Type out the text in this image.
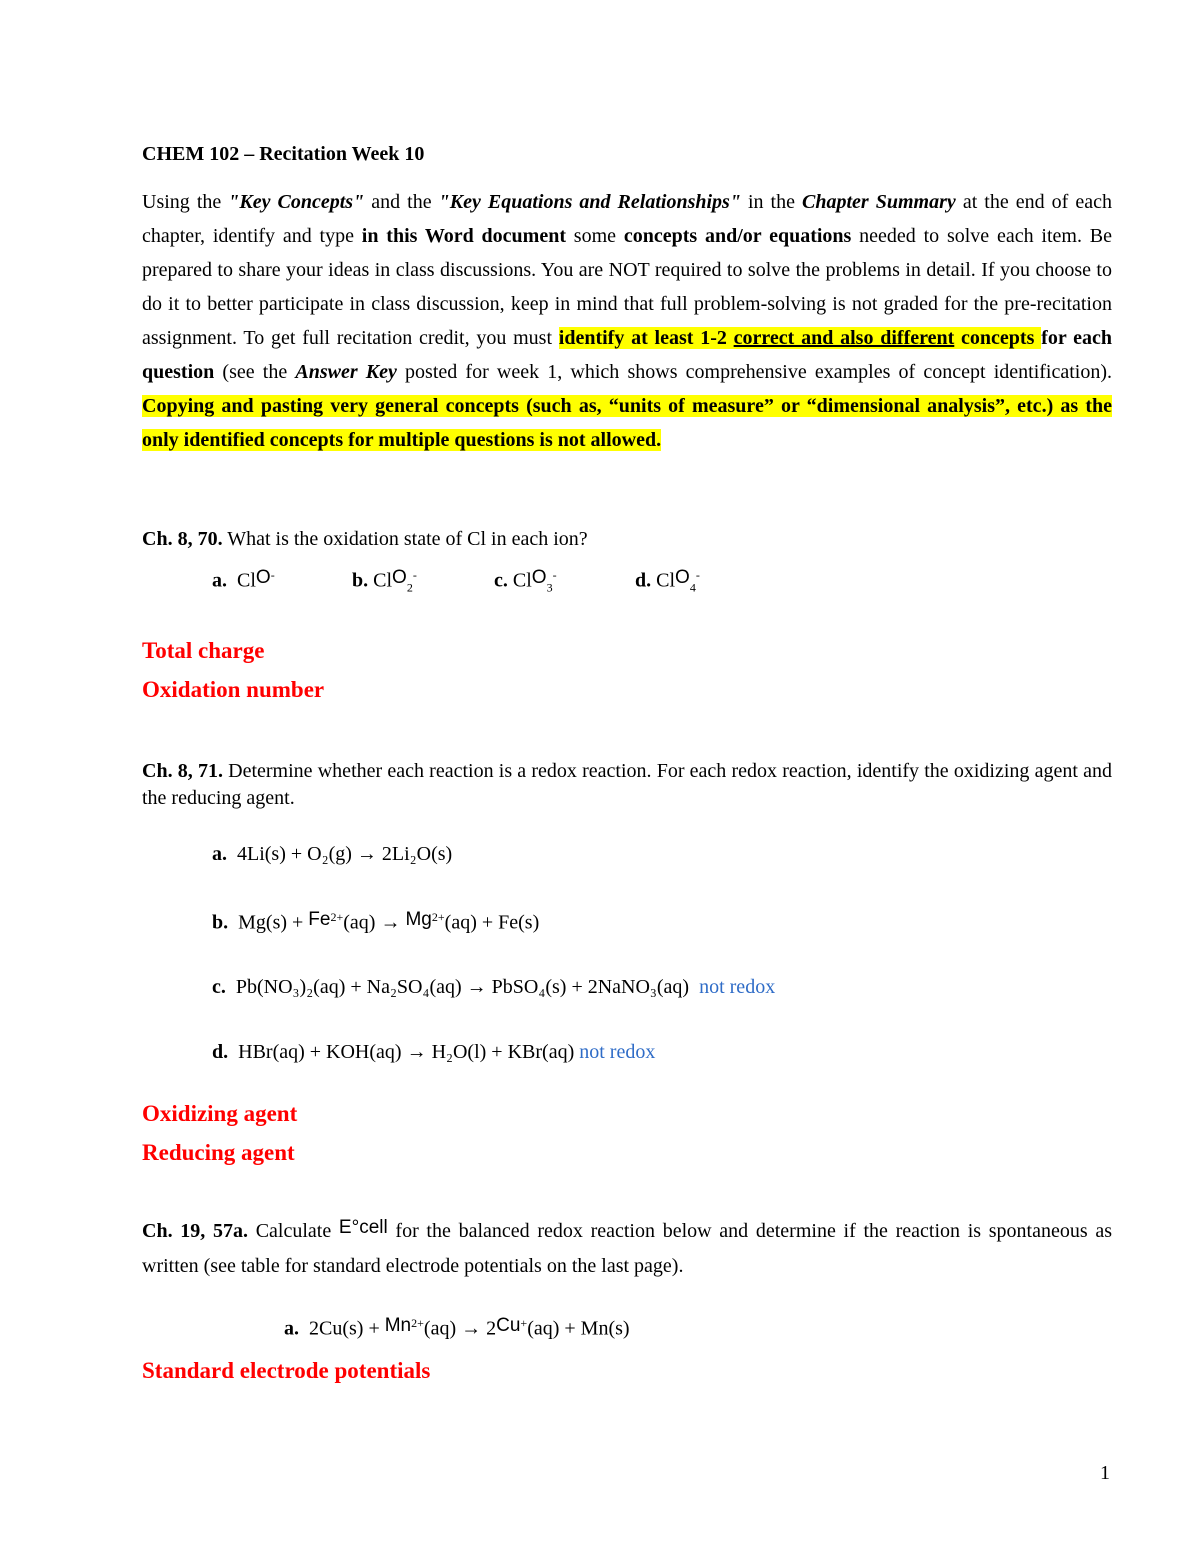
CHEM 102 – Recitation Week 10
Using the "Key Concepts" and the "Key Equations and Relationships" in the Chapter Summary at the end of each chapter, identify and type in this Word document some concepts and/or equations needed to solve each item. Be prepared to share your ideas in class discussions. You are NOT required to solve the problems in detail. If you choose to do it to better participate in class discussion, keep in mind that full problem-solving is not graded for the pre-recitation assignment. To get full recitation credit, you must identify at least 1-2 correct and also different concepts for each question (see the Answer Key posted for week 1, which shows comprehensive examples of concept identification). Copying and pasting very general concepts (such as, “units of measure” or “dimensional analysis”, etc.) as the only identified concepts for multiple questions is not allowed.
Ch. 8, 70. What is the oxidation state of Cl in each ion?
a. ClO-	b. ClO$_2$-	c. ClO$_3$-	d. ClO$_4$-
Total charge
Oxidation number
Ch. 8, 71. Determine whether each reaction is a redox reaction. For each redox reaction, identify the oxidizing agent and the reducing agent.
a. 4Li(s) + O₂(g) → 2Li₂O(s)
b. $Mg(s) + Fe^{2+}(aq) \to Mg^{2+}(aq) + Fe(s)$
c. Pb(NO₃)₂(aq) + Na₂SO₄(aq) → PbSO₄(s) + 2NaNO₃(aq) not redox
d. HBr(aq) + KOH(aq) → H₂O(l) + KBr(aq) not redox
Oxidizing agent
Reducing agent
Ch. 19, 57a. Calculate E°cell for the balanced redox reaction below and determine if the reaction is spontaneous as written (see table for standard electrode potentials on the last page).
a. $2Cu(s) + Mn^{2+}(aq) \to 2Cu^+(aq) + Mn(s)$
Standard electrode potentials
1
